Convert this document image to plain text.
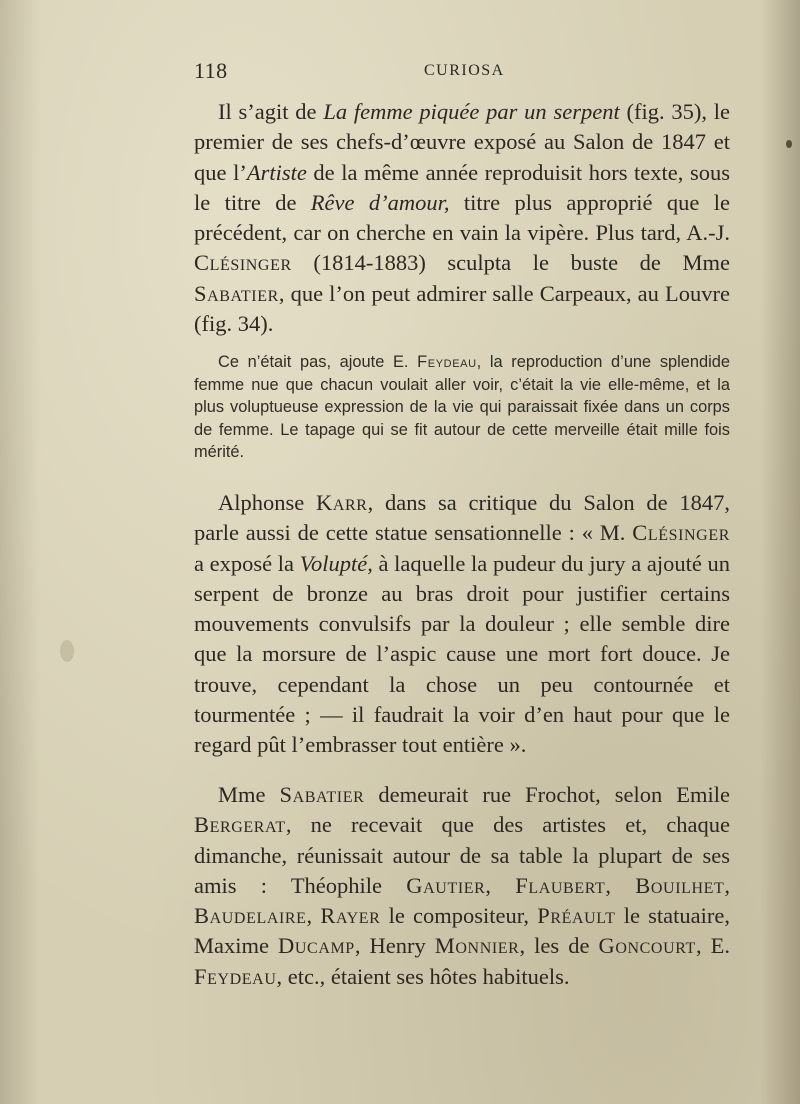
118	CURIOSA

Il s’agit de La femme piquée par un serpent (fig. 35), le premier de ses chefs-d’œuvre exposé au Salon de 1847 et que l’Artiste de la même année reproduisit hors texte, sous le titre de Rêve d’amour, titre plus approprié que le précédent, car on cherche en vain la vipère. Plus tard, A.-J. Clésinger (1814-1883) sculpta le buste de Mme Sabatier, que l’on peut admirer salle Carpeaux, au Louvre (fig. 34).

Ce n’était pas, ajoute E. Feydeau, la reproduction d’une splendide femme nue que chacun voulait aller voir, c’était la vie elle-même, et la plus voluptueuse expression de la vie qui paraissait fixée dans un corps de femme. Le tapage qui se fit autour de cette merveille était mille fois mérité.

Alphonse Karr, dans sa critique du Salon de 1847, parle aussi de cette statue sensationnelle : « M. Clésinger a exposé la Volupté, à laquelle la pudeur du jury a ajouté un serpent de bronze au bras droit pour justifier certains mouvements convulsifs par la douleur ; elle semble dire que la morsure de l’aspic cause une mort fort douce. Je trouve, cependant la chose un peu contournée et tourmentée ; — il faudrait la voir d’en haut pour que le regard pût l’embrasser tout entière ».

Mme Sabatier demeurait rue Frochot, selon Emile Bergerat, ne recevait que des artistes et, chaque dimanche, réunissait autour de sa table la plupart de ses amis : Théophile Gautier, Flaubert, Bouilhet, Baudelaire, Rayer le compositeur, Préault le statuaire, Maxime Ducamp, Henry Monnier, les de Goncourt, E. Feydeau, etc., étaient ses hôtes habituels.
